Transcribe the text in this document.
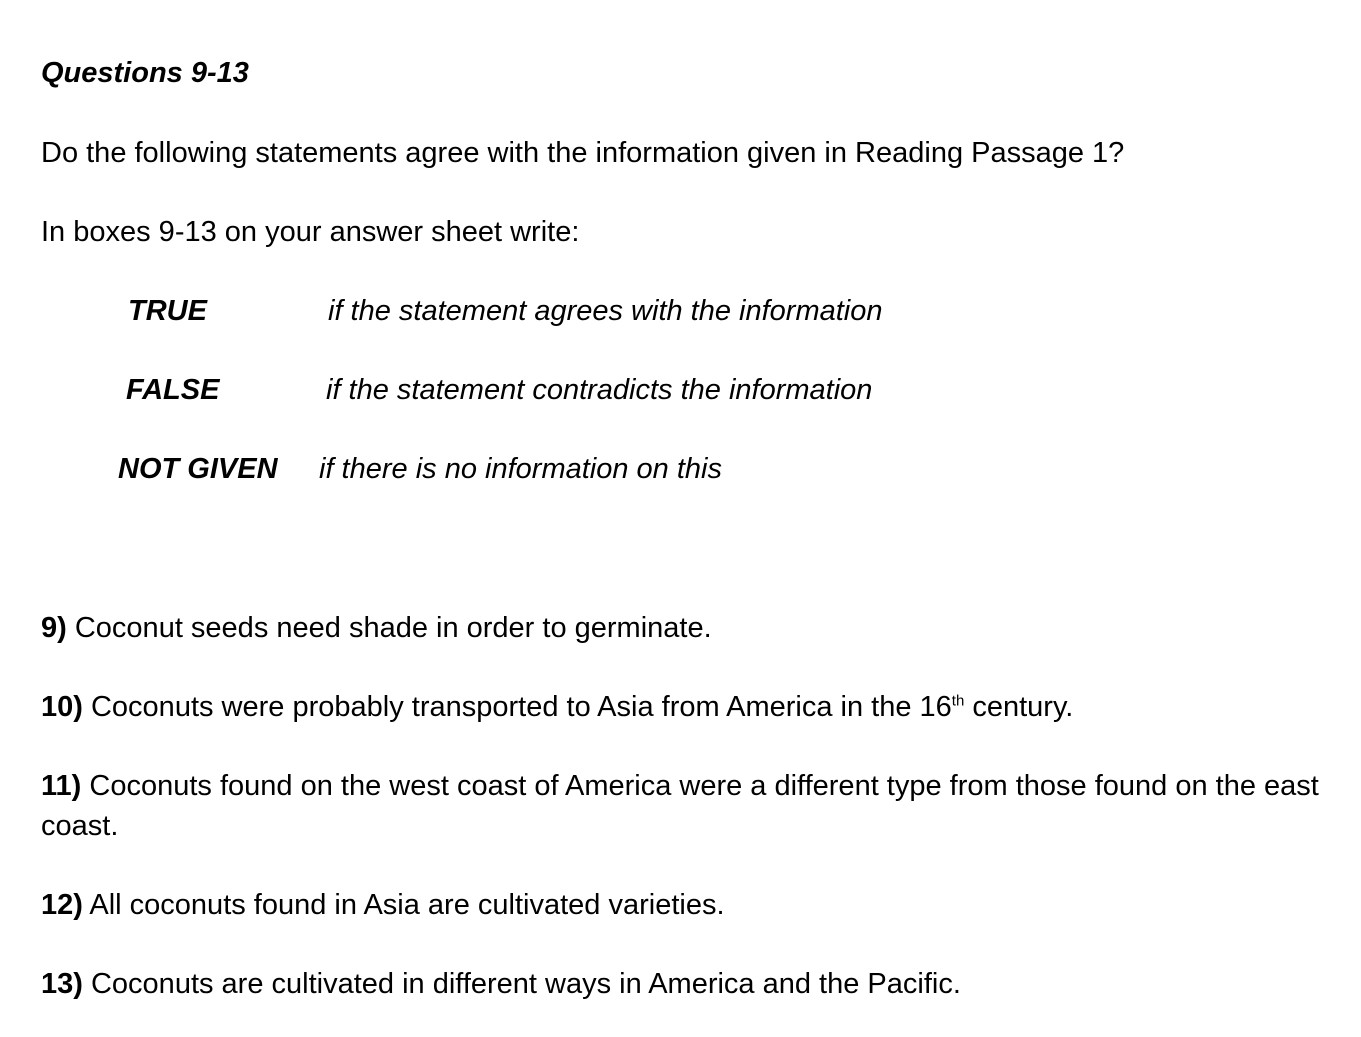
Questions 9-13
Do the following statements agree with the information given in Reading Passage 1?
In boxes 9-13 on your answer sheet write:
TRUE	if the statement agrees with the information
FALSE	if the statement contradicts the information
NOT GIVEN if there is no information on this
9) Coconut seeds need shade in order to germinate.
10) Coconuts were probably transported to Asia from America in the 16th century.
11) Coconuts found on the west coast of America were a different type from those found on the east coast.
12) All coconuts found in Asia are cultivated varieties.
13) Coconuts are cultivated in different ways in America and the Pacific.
